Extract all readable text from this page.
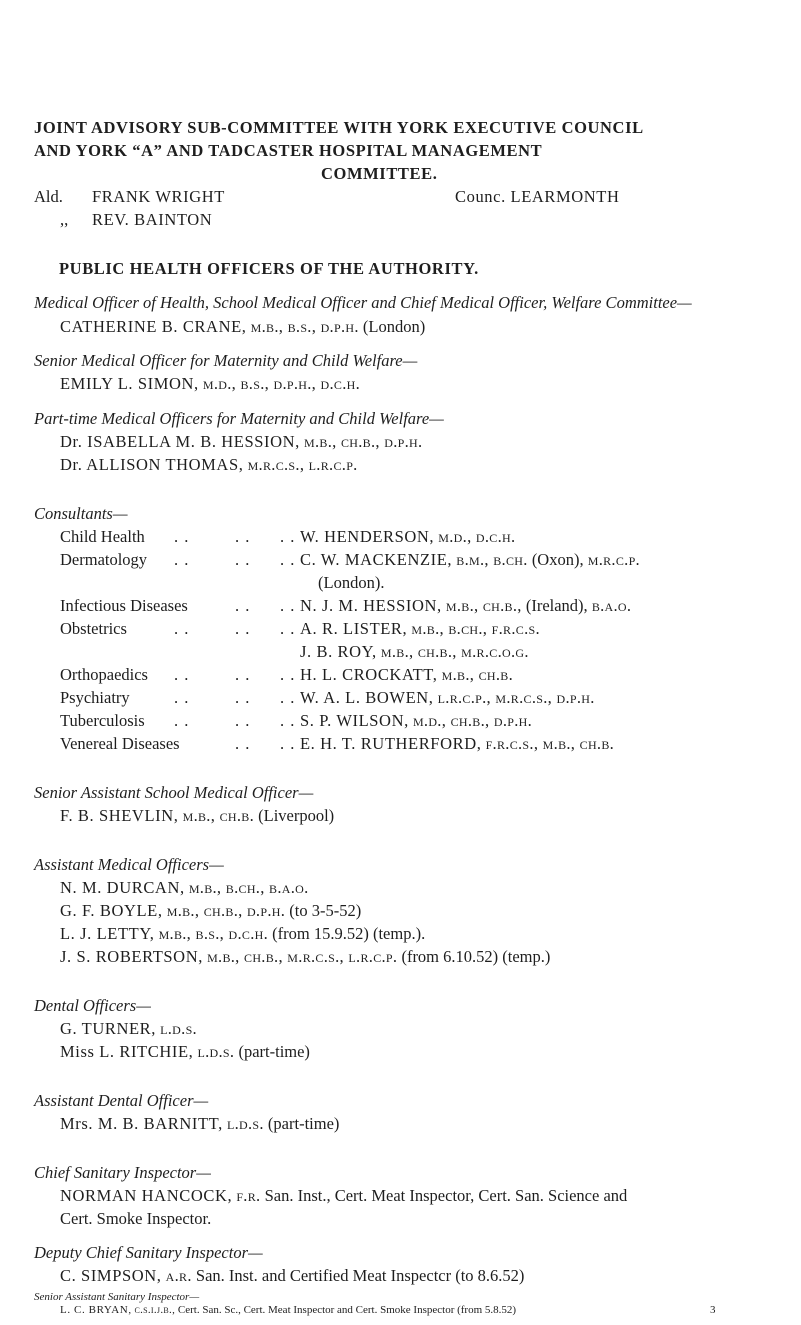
JOINT ADVISORY SUB-COMMITTEE WITH YORK EXECUTIVE COUNCIL
AND YORK “A” AND TADCASTER HOSPITAL MANAGEMENT
COMMITTEE.
Ald. FRANK WRIGHT	Counc. LEARMONTH
,, REV. BAINTON
PUBLIC HEALTH OFFICERS OF THE AUTHORITY.
Medical Officer of Health, School Medical Officer and Chief Medical Officer, Welfare Committee—
CATHERINE B. CRANE, m.b., b.s., d.p.h. (London)
Senior Medical Officer for Maternity and Child Welfare—
EMILY L. SIMON, m.d., b.s., d.p.h., d.c.h.
Part-time Medical Officers for Maternity and Child Welfare—
Dr. ISABELLA M. B. HESSION, m.b., ch.b., d.p.h.
Dr. ALLISON THOMAS, m.r.c.s., l.r.c.p.
Consultants—
Child Health . .	. . . . W. HENDERSON, m.d., d.c.h.
Dermatology . .	. . . . C. W. MACKENZIE, b.m., b.ch. (Oxon), m.r.c.p.
(London).
Infectious Diseases	. . . . N. J. M. HESSION, m.b., ch.b., (Ireland), b.a.o.
Obstetrics	. .	. . . . A. R. LISTER, m.b., b.ch., f.r.c.s.
J. B. ROY, m.b., ch.b., m.r.c.o.g.
Orthopaedics . .	. . . . H. L. CROCKATT, m.b., ch.b.
Psychiatry	. .	. . . . W. A. L. BOWEN, l.r.c.p., m.r.c.s., d.p.h.
Tuberculosis . .	. . . . S. P. WILSON, m.d., ch.b., d.p.h.
Venereal Diseases	. . . . E. H. T. RUTHERFORD, f.r.c.s., m.b., ch.b.
Senior Assistant School Medical Officer—
F. B. SHEVLIN, m.b., ch.b. (Liverpool)
Assistant Medical Officers—
N. M. DURCAN, m.b., b.ch., b.a.o.
G. F. BOYLE, m.b., ch.b., d.p.h. (to 3-5-52)
L. J. LETTY, m.b., b.s., d.c.h. (from 15.9.52) (temp.).
J. S. ROBERTSON, m.b., ch.b., m.r.c.s., l.r.c.p. (from 6.10.52) (temp.)
Dental Officers—
G. TURNER, l.d.s.
Miss L. RITCHIE, l.d.s. (part-time)
Assistant Dental Officer—
Mrs. M. B. BARNITT, l.d.s. (part-time)
Chief Sanitary Inspector—
NORMAN HANCOCK, f.r. San. Inst., Cert. Meat Inspector, Cert. San. Science and
Cert. Smoke Inspector.
Deputy Chief Sanitary Inspector—
C. SIMPSON, a.r. San. Inst. and Certified Meat Inspectcr (to 8.6.52)
Senior Assistant Sanitary Inspector—
L. C. BRYAN, c.s.i.j.b., Cert. San. Sc., Cert. Meat Inspector and Cert. Smoke Inspector (from 5.8.52)	3
